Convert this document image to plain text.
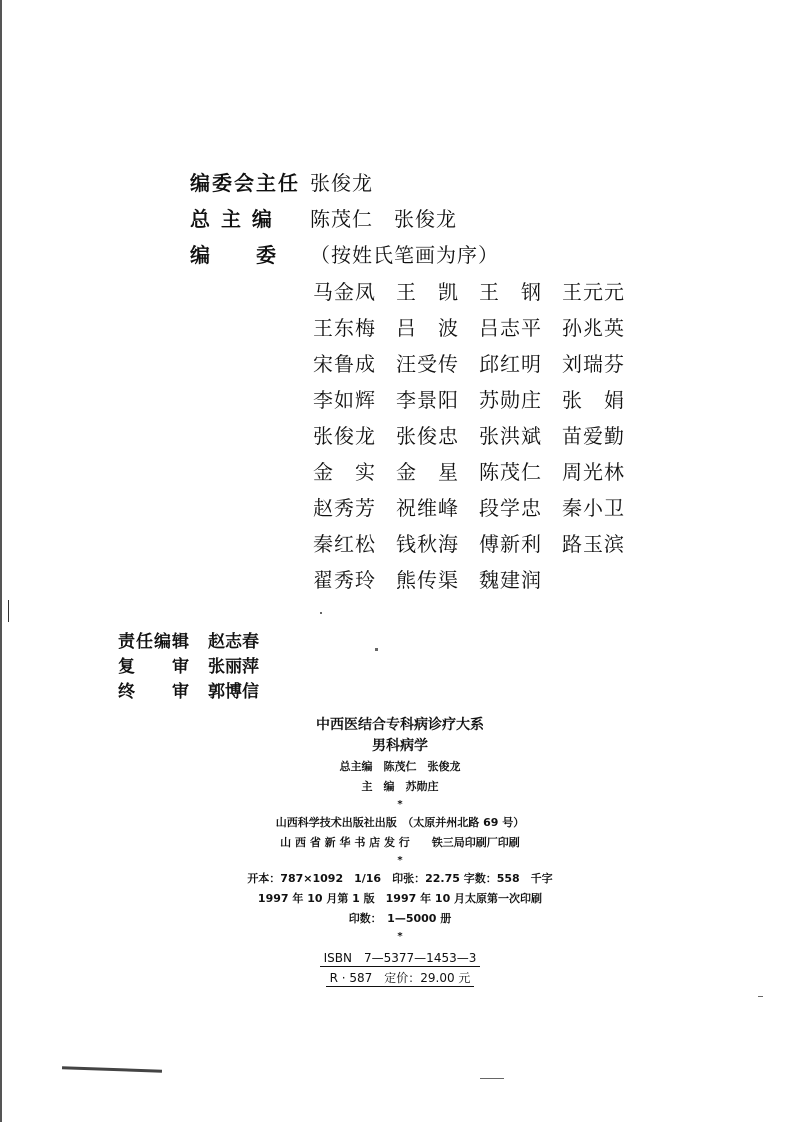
编委会主任 张俊龙
总 主 编 陈茂仁　张俊龙
编　　委 （按姓氏笔画为序）
马金凤	王　凯	王　钢	王元元
王东梅	吕　波	吕志平	孙兆英
宋鲁成	汪受传	邱红明	刘瑞芬
李如辉	李景阳	苏勋庄	张　娟
张俊龙	张俊忠	张洪斌	苗爱勤
金　实	金　星	陈茂仁	周光林
赵秀芳	祝维峰	段学忠	秦小卫
秦红松	钱秋海	傅新利	路玉滨
翟秀玲	熊传渠	魏建润
责任编辑	赵志春
复　　审	张丽萍
终　　审	郭博信
中西医结合专科病诊疗大系
男科病学
总主编　陈茂仁　张俊龙
主　编　苏勋庄
*
山西科学技术出版社出版　（太原并州北路 69 号）
山 西 省 新 华 书 店 发 行　　铁三局印刷厂印刷
*
开本：787×1092　1/16　印张：22.75 字数：558　千字
1997 年 10 月第 1 版　1997 年 10 月太原第一次印刷
印数：　1—5000 册
*
ISBN　7—5377—1453—3
R · 587　定价：29.00 元
